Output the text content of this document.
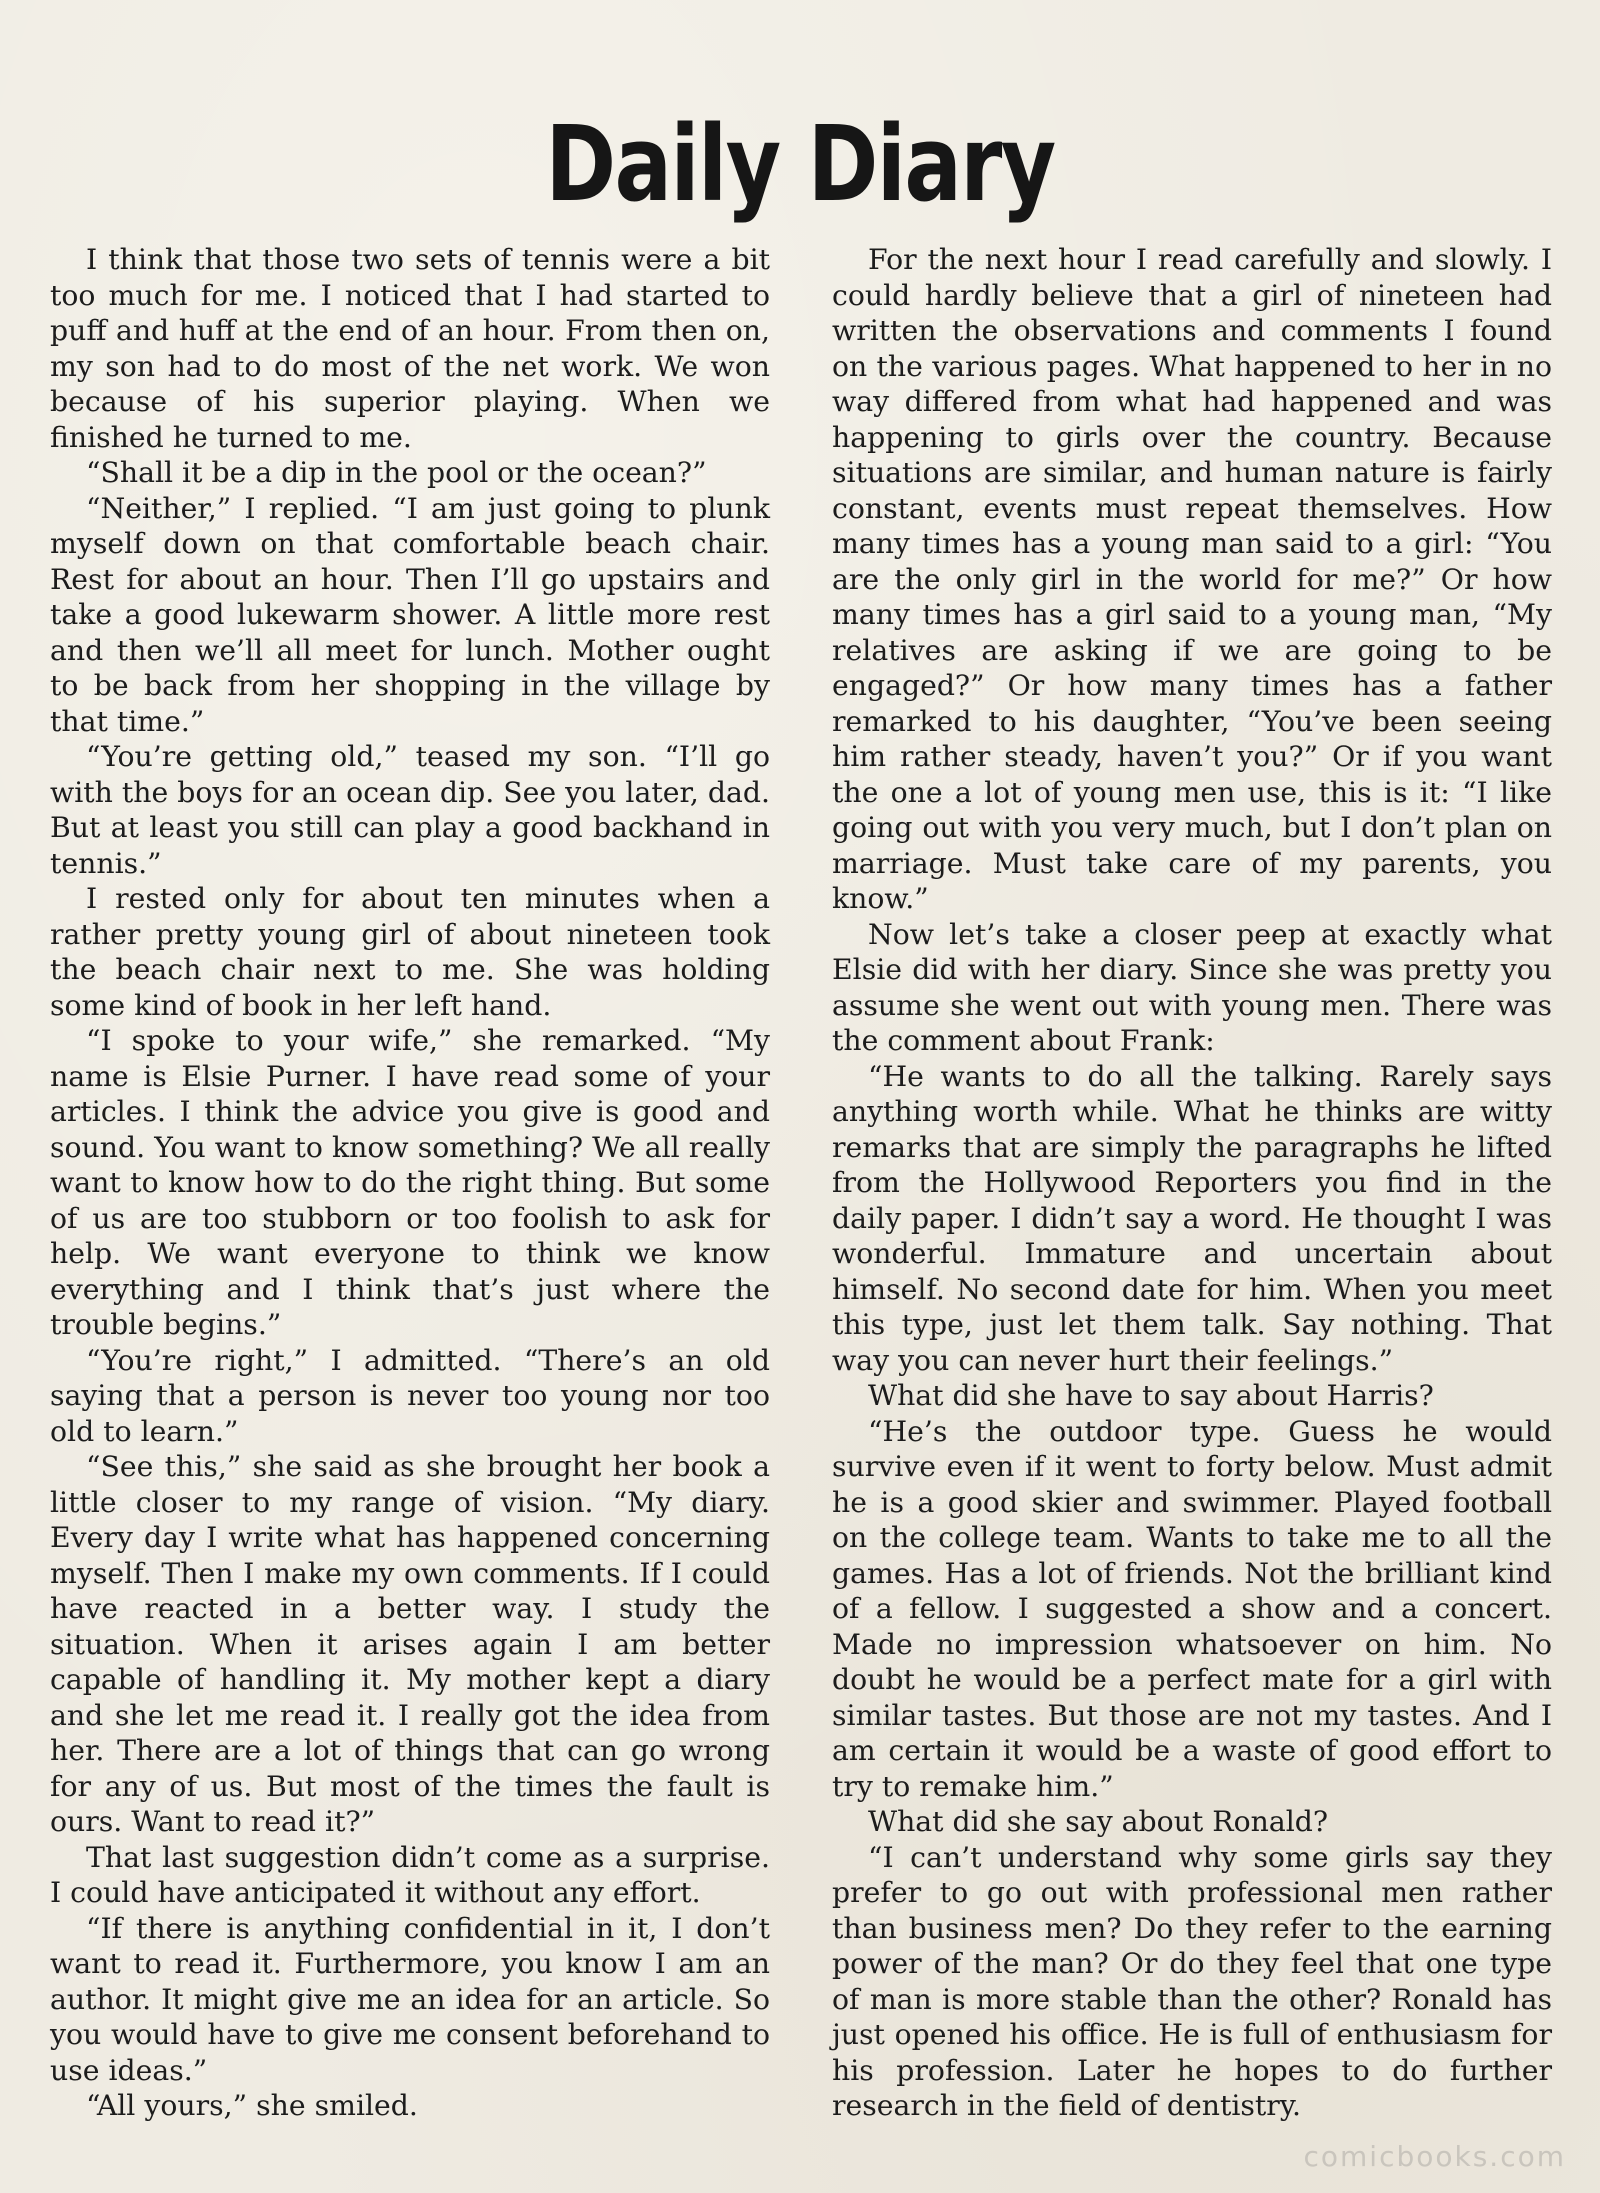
Daily Diary

I think that those two sets of tennis were a bit too much for me. I noticed that I had started to puff and huff at the end of an hour. From then on, my son had to do most of the net work. We won because of his superior playing. When we finished he turned to me.

“Shall it be a dip in the pool or the ocean?”

“Neither,” I replied. “I am just going to plunk myself down on that comfortable beach chair. Rest for about an hour. Then I’ll go upstairs and take a good lukewarm shower. A little more rest and then we’ll all meet for lunch. Mother ought to be back from her shopping in the village by that time.”

“You’re getting old,” teased my son. “I’ll go with the boys for an ocean dip. See you later, dad. But at least you still can play a good backhand in tennis.”

I rested only for about ten minutes when a rather pretty young girl of about nineteen took the beach chair next to me. She was holding some kind of book in her left hand.

“I spoke to your wife,” she remarked. “My name is Elsie Purner. I have read some of your articles. I think the advice you give is good and sound. You want to know something? We all really want to know how to do the right thing. But some of us are too stubborn or too foolish to ask for help. We want everyone to think we know everything and I think that’s just where the trouble begins.”

“You’re right,” I admitted. “There’s an old saying that a person is never too young nor too old to learn.”

“See this,” she said as she brought her book a little closer to my range of vision. “My diary. Every day I write what has happened concerning myself. Then I make my own comments. If I could have reacted in a better way. I study the situation. When it arises again I am better capable of handling it. My mother kept a diary and she let me read it. I really got the idea from her. There are a lot of things that can go wrong for any of us. But most of the times the fault is ours. Want to read it?”

That last suggestion didn’t come as a surprise. I could have anticipated it without any effort.

“If there is anything confidential in it, I don’t want to read it. Furthermore, you know I am an author. It might give me an idea for an article. So you would have to give me consent beforehand to use ideas.”

“All yours,” she smiled.

For the next hour I read carefully and slowly. I could hardly believe that a girl of nineteen had written the observations and comments I found on the various pages. What happened to her in no way differed from what had happened and was happening to girls over the country. Because situations are similar, and human nature is fairly constant, events must repeat themselves. How many times has a young man said to a girl: “You are the only girl in the world for me?” Or how many times has a girl said to a young man, “My relatives are asking if we are going to be engaged?” Or how many times has a father remarked to his daughter, “You’ve been seeing him rather steady, haven’t you?” Or if you want the one a lot of young men use, this is it: “I like going out with you very much, but I don’t plan on marriage. Must take care of my parents, you know.”

Now let’s take a closer peep at exactly what Elsie did with her diary. Since she was pretty you assume she went out with young men. There was the comment about Frank:

“He wants to do all the talking. Rarely says anything worth while. What he thinks are witty remarks that are simply the paragraphs he lifted from the Hollywood Reporters you find in the daily paper. I didn’t say a word. He thought I was wonderful. Immature and uncertain about himself. No second date for him. When you meet this type, just let them talk. Say nothing. That way you can never hurt their feelings.”

What did she have to say about Harris?

“He’s the outdoor type. Guess he would survive even if it went to forty below. Must admit he is a good skier and swimmer. Played football on the college team. Wants to take me to all the games. Has a lot of friends. Not the brilliant kind of a fellow. I suggested a show and a concert. Made no impression whatsoever on him. No doubt he would be a perfect mate for a girl with similar tastes. But those are not my tastes. And I am certain it would be a waste of good effort to try to remake him.”

What did she say about Ronald?

“I can’t understand why some girls say they prefer to go out with professional men rather than business men? Do they refer to the earning power of the man? Or do they feel that one type of man is more stable than the other? Ronald has just opened his office. He is full of enthusiasm for his profession. Later he hopes to do further research in the field of dentistry.

comicbooks.com
